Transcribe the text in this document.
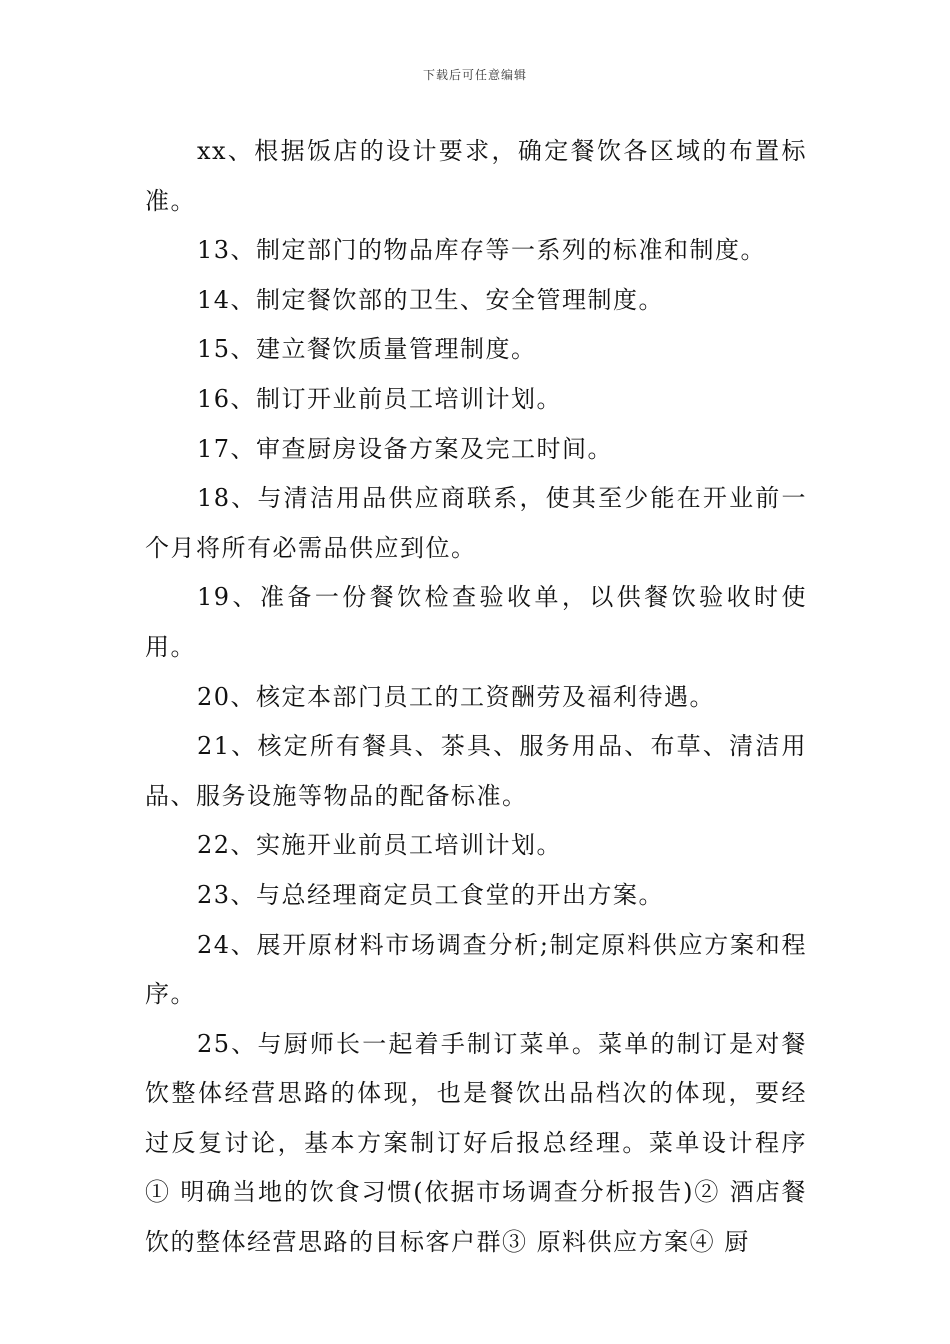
下载后可任意编辑

xx、根据饭店的设计要求，确定餐饮各区域的布置标准。

13、制定部门的物品库存等一系列的标准和制度。

14、制定餐饮部的卫生、安全管理制度。

15、建立餐饮质量管理制度。

16、制订开业前员工培训计划。

17、审查厨房设备方案及完工时间。

18、与清洁用品供应商联系，使其至少能在开业前一个月将所有必需品供应到位。

19、准备一份餐饮检查验收单，以供餐饮验收时使用。

20、核定本部门员工的工资酬劳及福利待遇。

21、核定所有餐具、茶具、服务用品、布草、清洁用品、服务设施等物品的配备标准。

22、实施开业前员工培训计划。

23、与总经理商定员工食堂的开出方案。

24、展开原材料市场调查分析;制定原料供应方案和程序。

25、与厨师长一起着手制订菜单。菜单的制订是对餐饮整体经营思路的体现，也是餐饮出品档次的体现，要经过反复讨论，基本方案制订好后报总经理。菜单设计程序① 明确当地的饮食习惯(依据市场调查分析报告)② 酒店餐饮的整体经营思路的目标客户群③ 原料供应方案④ 厨
